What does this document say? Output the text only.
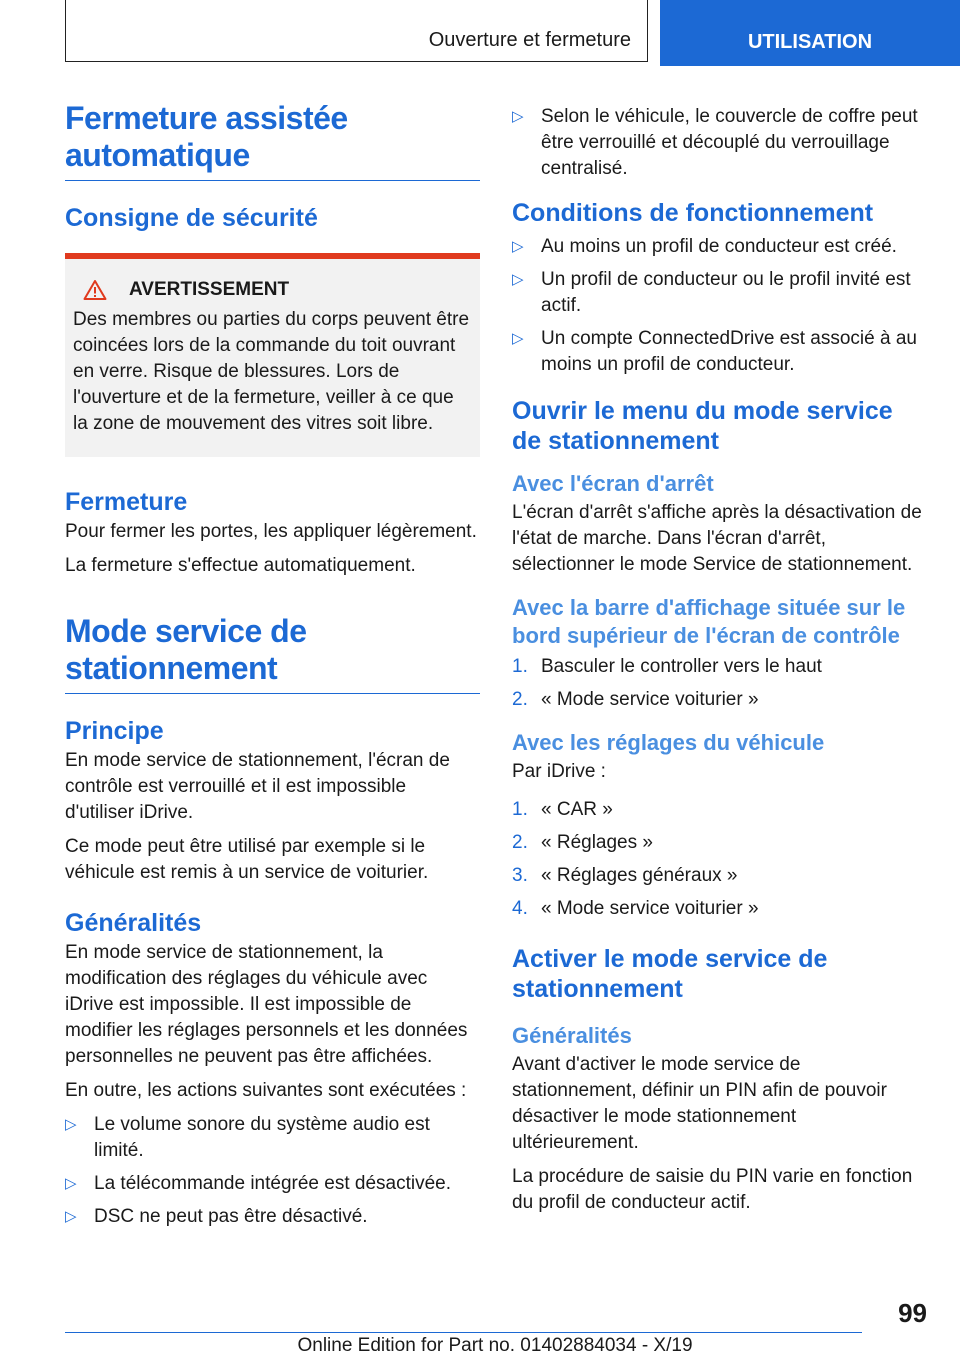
Ouverture et fermeture	UTILISATION
Fermeture assistée automatique
Consigne de sécurité
AVERTISSEMENT

Des membres ou parties du corps peuvent être coincées lors de la commande du toit ouvrant en verre. Risque de blessures. Lors de l'ouverture et de la fermeture, veiller à ce que la zone de mouvement des vitres soit libre.

Fermeture

Pour fermer les portes, les appliquer légèrement.

La fermeture s'effectue automatiquement.

Mode service de stationnement
Principe

En mode service de stationnement, l'écran de contrôle est verrouillé et il est impossible d'utiliser iDrive.

Ce mode peut être utilisé par exemple si le véhicule est remis à un service de voiturier.

Généralités

En mode service de stationnement, la modification des réglages du véhicule avec iDrive est impossible. Il est impossible de modifier les réglages personnels et les données personnelles ne peuvent pas être affichées.

En outre, les actions suivantes sont exécutées :

▷ Le volume sonore du système audio est limité.
▷ La télécommande intégrée est désactivée.
▷ DSC ne peut pas être désactivé.
▷ Selon le véhicule, le couvercle de coffre peut être verrouillé et découplé du verrouillage centralisé.
Conditions de fonctionnement
▷ Au moins un profil de conducteur est créé.
▷ Un profil de conducteur ou le profil invité est actif.
▷ Un compte ConnectedDrive est associé à au moins un profil de conducteur.
Ouvrir le menu du mode service de stationnement
Avec l'écran d'arrêt

L'écran d'arrêt s'affiche après la désactivation de l'état de marche. Dans l'écran d'arrêt, sélectionner le mode Service de stationnement.

Avec la barre d'affichage située sur le bord supérieur de l'écran de contrôle
1. Basculer le controller vers le haut
2. « Mode service voiturier »
Avec les réglages du véhicule

Par iDrive :

1. « CAR »
2. « Réglages »
3. « Réglages généraux »
4. « Mode service voiturier »
Activer le mode service de stationnement
Généralités

Avant d'activer le mode service de stationnement, définir un PIN afin de pouvoir désactiver le mode stationnement ultérieurement.

La procédure de saisie du PIN varie en fonction du profil de conducteur actif.

99
Online Edition for Part no. 01402884034 - X/19
